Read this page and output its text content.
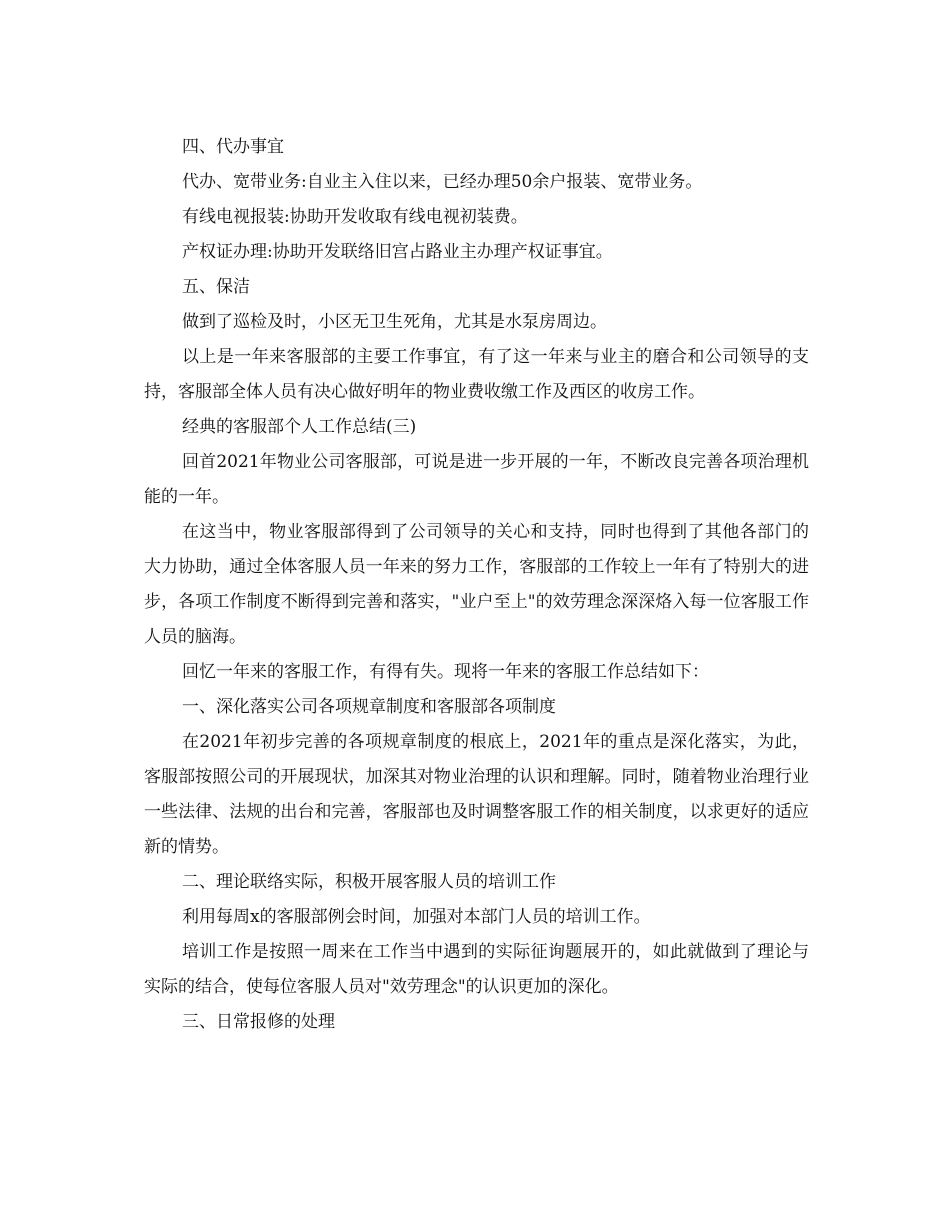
四、代办事宜

代办、宽带业务:自业主入住以来，已经办理50余户报装、宽带业务。

有线电视报装:协助开发收取有线电视初装费。

产权证办理:协助开发联络旧宫占路业主办理产权证事宜。

五、保洁

做到了巡检及时，小区无卫生死角，尤其是水泵房周边。

以上是一年来客服部的主要工作事宜，有了这一年来与业主的磨合和公司领导的支持，客服部全体人员有决心做好明年的物业费收缴工作及西区的收房工作。

经典的客服部个人工作总结(三)

回首2021年物业公司客服部，可说是进一步开展的一年，不断改良完善各项治理机能的一年。

在这当中，物业客服部得到了公司领导的关心和支持，同时也得到了其他各部门的大力协助，通过全体客服人员一年来的努力工作，客服部的工作较上一年有了特别大的进步，各项工作制度不断得到完善和落实，"业户至上"的效劳理念深深烙入每一位客服工作人员的脑海。

回忆一年来的客服工作，有得有失。现将一年来的客服工作总结如下：

一、深化落实公司各项规章制度和客服部各项制度

在2021年初步完善的各项规章制度的根底上，2021年的重点是深化落实，为此，客服部按照公司的开展现状，加深其对物业治理的认识和理解。同时，随着物业治理行业一些法律、法规的出台和完善，客服部也及时调整客服工作的相关制度，以求更好的适应新的情势。

二、理论联络实际，积极开展客服人员的培训工作

利用每周x的客服部例会时间，加强对本部门人员的培训工作。

培训工作是按照一周来在工作当中遇到的实际征询题展开的，如此就做到了理论与实际的结合，使每位客服人员对"效劳理念"的认识更加的深化。

三、日常报修的处理
